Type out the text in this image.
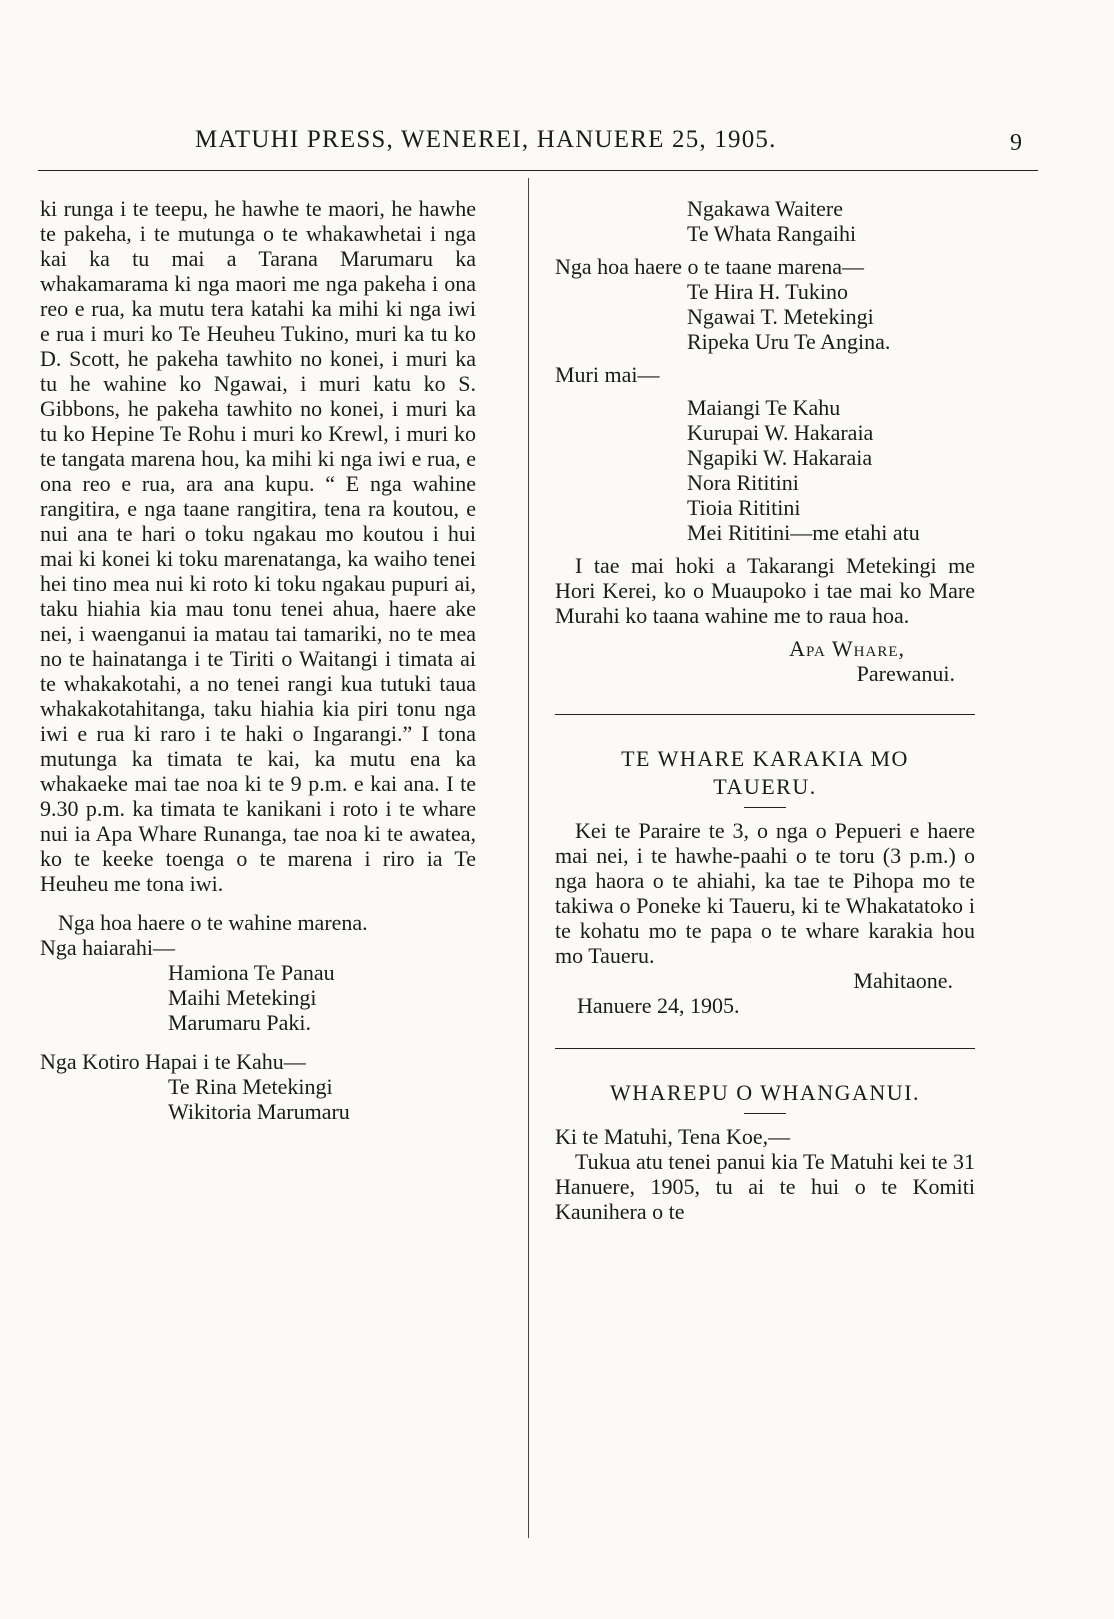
MATUHI PRESS, WENEREI, HANUERE 25, 1905.	9

ki runga i te teepu, he hawhe te maori, he hawhe te pakeha, i te mutunga o te whakawhetai i nga kai ka tu mai a Tarana Marumaru ka whakamarama ki nga maori me nga pakeha i ona reo e rua, ka mutu tera katahi ka mihi ki nga iwi e rua i muri ko Te Heuheu Tukino, muri ka tu ko D. Scott, he pakeha tawhito no konei, i muri ka tu he wahine ko Ngawai, i muri katu ko S. Gibbons, he pakeha tawhito no konei, i muri ka tu ko Hepine Te Rohu i muri ko Krewl, i muri ko te tangata marena hou, ka mihi ki nga iwi e rua, e ona reo e rua, ara ana kupu. “ E nga wahine rangitira, e nga taane rangitira, tena ra koutou, e nui ana te hari o toku ngakau mo koutou i hui mai ki konei ki toku marenatanga, ka waiho tenei hei tino mea nui ki roto ki toku ngakau pupuri ai, taku hiahia kia mau tonu tenei ahua, haere ake nei, i waenganui ia matau tai tamariki, no te mea no te hainatanga i te Tiriti o Waitangi i timata ai te whakakotahi, a no tenei rangi kua tutuki taua whakakotahitanga, taku hiahia kia piri tonu nga iwi e rua ki raro i te haki o Ingarangi.” I tona mutunga ka timata te kai, ka mutu ena ka whakaeke mai tae noa ki te 9 p.m. e kai ana. I te 9.30 p.m. ka timata te kanikani i roto i te whare nui ia Apa Whare Runanga, tae noa ki te awatea, ko te keeke toenga o te marena i riro ia Te Heuheu me tona iwi.

Nga hoa haere o te wahine marena.

Nga haiarahi—

Hamiona Te Panau
Maihi Metekingi
Marumaru Paki.

Nga Kotiro Hapai i te Kahu—

Te Rina Metekingi
Wikitoria Marumaru
Ngakawa Waitere
Te Whata Rangaihi

Nga hoa haere o te taane marena—

Te Hira H. Tukino
Ngawai T. Metekingi
Ripeka Uru Te Angina.

Muri mai—

Maiangi Te Kahu
Kurupai W. Hakaraia
Ngapiki W. Hakaraia
Nora Rititini
Tioia Rititini
Mei Rititini—me etahi atu

I tae mai hoki a Takarangi Metekingi me Hori Kerei, ko o Muaupoko i tae mai ko Mare Murahi ko taana wahine me to raua hoa.

Apa Whare,
Parewanui.
TE WHARE KARAKIA MO
TAUERU.

Kei te Paraire te 3, o nga o Pepueri e haere mai nei, i te hawhe-paahi o te toru (3 p.m.) o nga haora o te ahiahi, ka tae te Pihopa mo te takiwa o Poneke ki Taueru, ki te Whakatatoko i te kohatu mo te papa o te whare karakia hou mo Taueru.

Mahitaone.
Hanuere 24, 1905.
WHAREPU O WHANGANUI.

Ki te Matuhi, Tena Koe,—

Tukua atu tenei panui kia Te Matuhi kei te 31 Hanuere, 1905, tu ai te hui o te Komiti Kaunihera o te
